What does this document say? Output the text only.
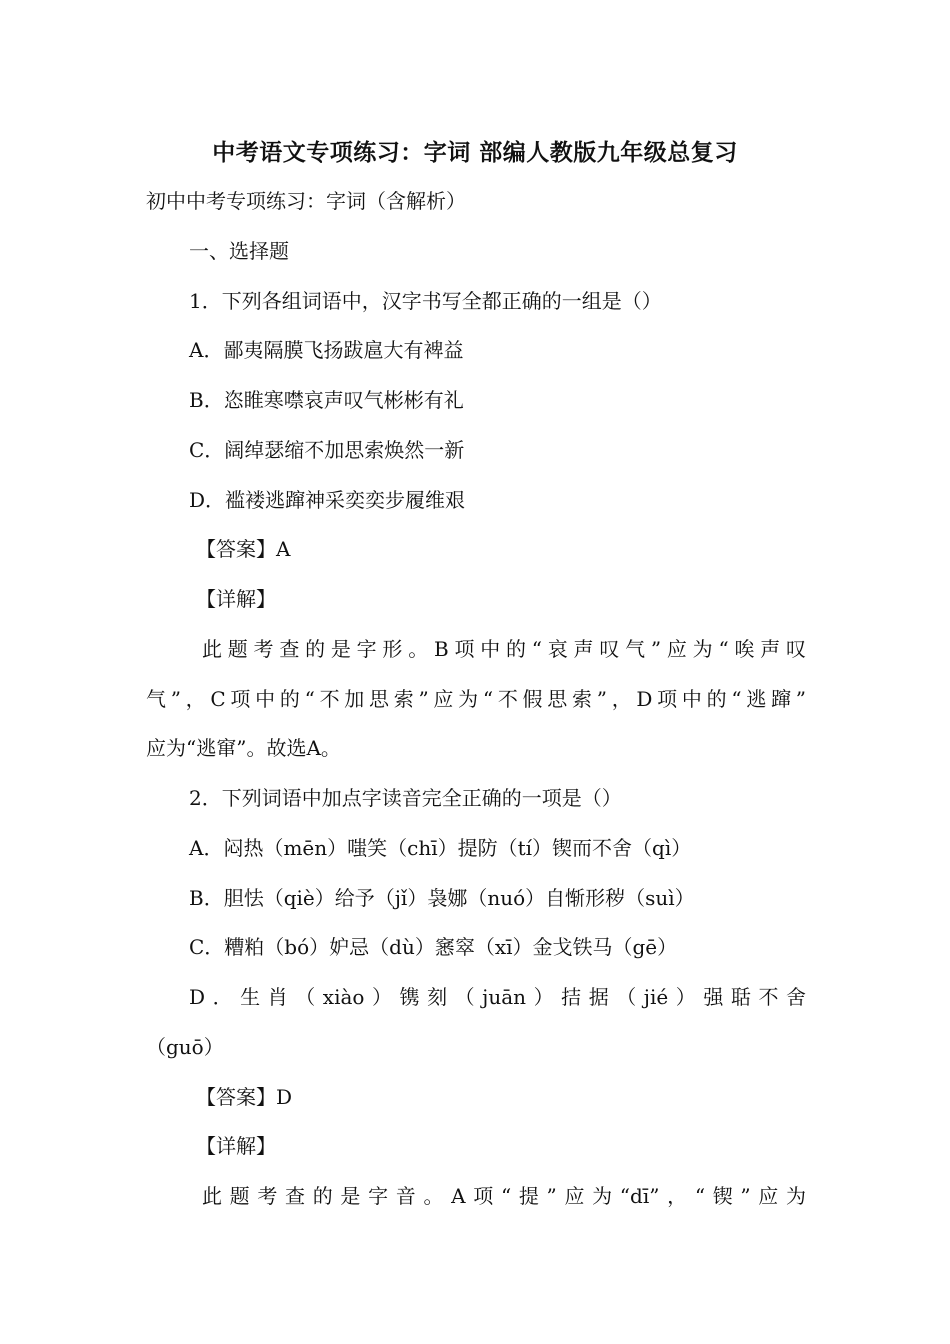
中考语文专项练习：字词 部编人教版九年级总复习
初中中考专项练习：字词（含解析）
一、选择题
1．下列各组词语中，汉字书写全都正确的一组是（）
A．鄙夷隔膜飞扬跋扈大有裨益
B．恣睢寒噤哀声叹气彬彬有礼
C．阔绰瑟缩不加思索焕然一新
D．褴褛逃蹿神采奕奕步履维艰
【答案】A
【详解】
此题考查的是字形。B项中的“哀声叹气”应为“唉声叹
气”，C项中的“不加思索”应为“不假思索”，D项中的“逃蹿”
应为“逃窜”。故选A。
2．下列词语中加点字读音完全正确的一项是（）
A．闷热（mēn）嗤笑（chī）提防（tí）锲而不舍（qì）
B．胆怯（qiè）给予（jǐ）袅娜（nuó）自惭形秽（suì）
C．糟粕（bó）妒忌（dù）窸窣（xī）金戈铁马（gē）
D．生肖（xiào）镌刻（juān）拮据（jié）强聒不舍
（guō）
【答案】D
【详解】
此题考查的是字音。A项“提”应为“dī”，“锲”应为
